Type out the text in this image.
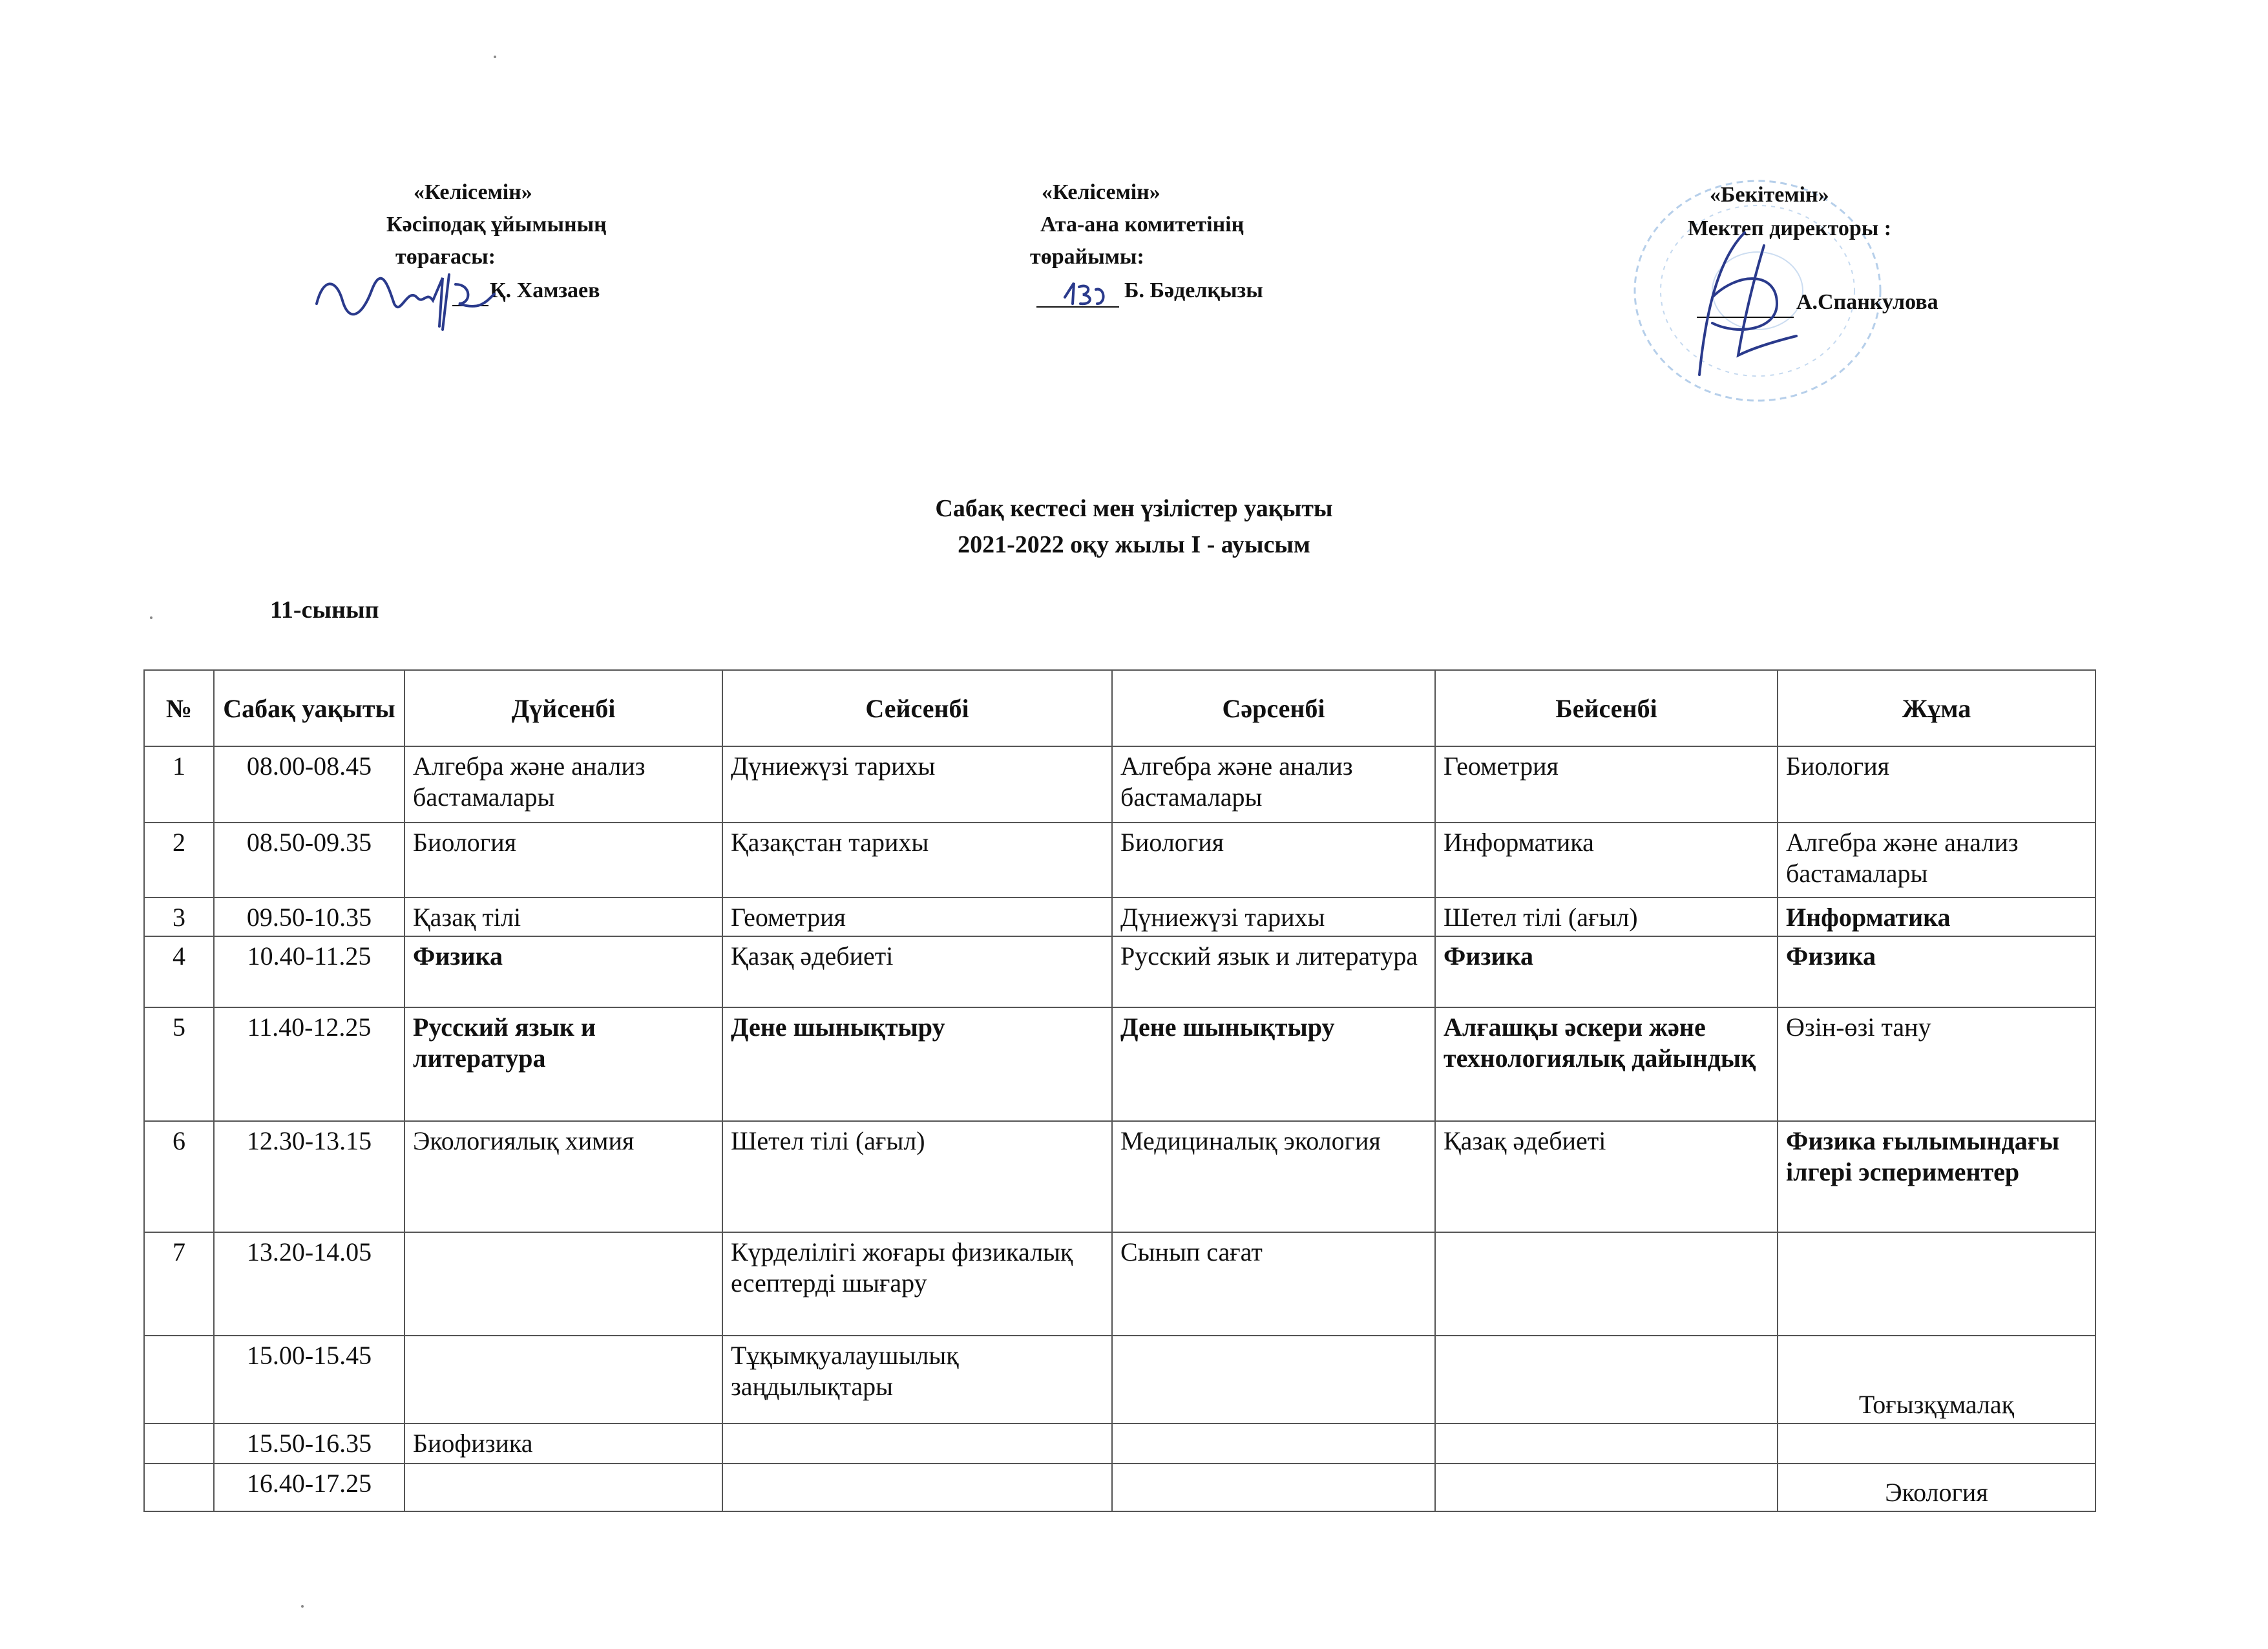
«Келісемін»
Кәсіподақ ұйымының
төрағасы:
Қ. Хамзаев
«Келісемін»
Ата-ана комитетінің
төрайымы:
Б. Бәделқызы
«Бекітемін»
Мектеп директоры :
А.Спанкулова
Сабақ кестесі мен үзілістер уақыты
2021-2022 оқу жылы І - ауысым
11-сынып
№	Сабақ уақыты	Дүйсенбі	Сейсенбі	Сәрсенбі	Бейсенбі	Жұма
1	08.00-08.45	Алгебра және анализ бастамалары	Дүниежүзі тарихы	Алгебра және анализ бастамалары	Геометрия	Биология
2	08.50-09.35	Биология	Қазақстан тарихы	Биология	Информатика	Алгебра және анализ бастамалары
3	09.50-10.35	Қазақ тілі	Геометрия	Дүниежүзі тарихы	Шетел тілі (ағыл)	Информатика
4	10.40-11.25	Физика	Қазақ әдебиеті	Русский язык и литература	Физика	Физика
5	11.40-12.25	Русский язык и литература	Дене шынықтыру	Дене шынықтыру	Алғашқы әскери және технологиялық дайындық	Өзін-өзі тану
6	12.30-13.15	Экологиялық химия	Шетел тілі (ағыл)	Медициналық экология	Қазақ әдебиеті	Физика ғылымындағы ілгері эспериментер
7	13.20-14.05		Күрделілігі жоғары физикалық есептерді шығару	Сынып сағат		
	15.00-15.45		Тұқымқуалаушылық заңдылықтары			Тоғызқұмалақ
	15.50-16.35	Биофизика				
	16.40-17.25					Экология
